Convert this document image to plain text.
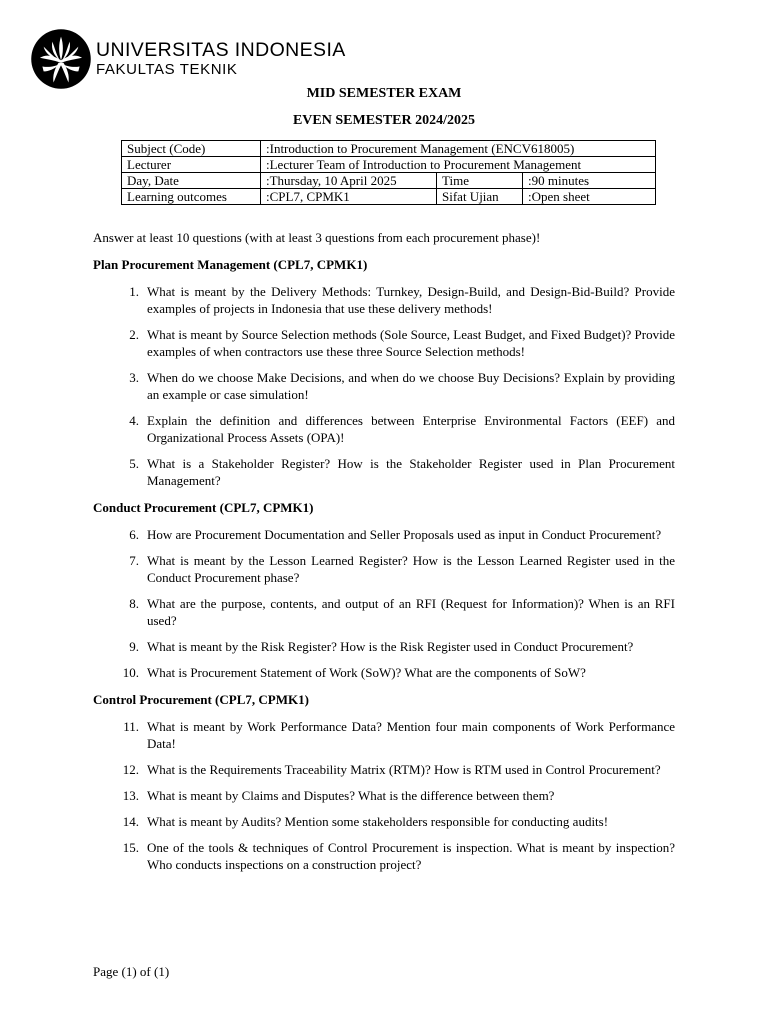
UNIVERSITAS INDONESIA
FAKULTAS TEKNIK
MID SEMESTER EXAM
EVEN SEMESTER 2024/2025
Subject (Code)	:Introduction to Procurement Management (ENCV618005)		
Lecturer	:Lecturer Team of Introduction to Procurement Management		
Day, Date	:Thursday, 10 April 2025	Time	:90 minutes
Learning outcomes	:CPL7, CPMK1	Sifat Ujian	:Open sheet
Answer at least 10 questions (with at least 3 questions from each procurement phase)!
Plan Procurement Management (CPL7, CPMK1)
1. What is meant by the Delivery Methods: Turnkey, Design-Build, and Design-Bid-Build? Provide examples of projects in Indonesia that use these delivery methods!
2. What is meant by Source Selection methods (Sole Source, Least Budget, and Fixed Budget)? Provide examples of when contractors use these three Source Selection methods!
3. When do we choose Make Decisions, and when do we choose Buy Decisions? Explain by providing an example or case simulation!
4. Explain the definition and differences between Enterprise Environmental Factors (EEF) and Organizational Process Assets (OPA)!
5. What is a Stakeholder Register? How is the Stakeholder Register used in Plan Procurement Management?
Conduct Procurement (CPL7, CPMK1)
6. How are Procurement Documentation and Seller Proposals used as input in Conduct Procurement?
7. What is meant by the Lesson Learned Register? How is the Lesson Learned Register used in the Conduct Procurement phase?
8. What are the purpose, contents, and output of an RFI (Request for Information)? When is an RFI used?
9. What is meant by the Risk Register? How is the Risk Register used in Conduct Procurement?
10. What is Procurement Statement of Work (SoW)? What are the components of SoW?
Control Procurement (CPL7, CPMK1)
11. What is meant by Work Performance Data? Mention four main components of Work Performance Data!
12. What is the Requirements Traceability Matrix (RTM)? How is RTM used in Control Procurement?
13. What is meant by Claims and Disputes? What is the difference between them?
14. What is meant by Audits? Mention some stakeholders responsible for conducting audits!
15. One of the tools & techniques of Control Procurement is inspection. What is meant by inspection? Who conducts inspections on a construction project?
Page (1) of (1)
